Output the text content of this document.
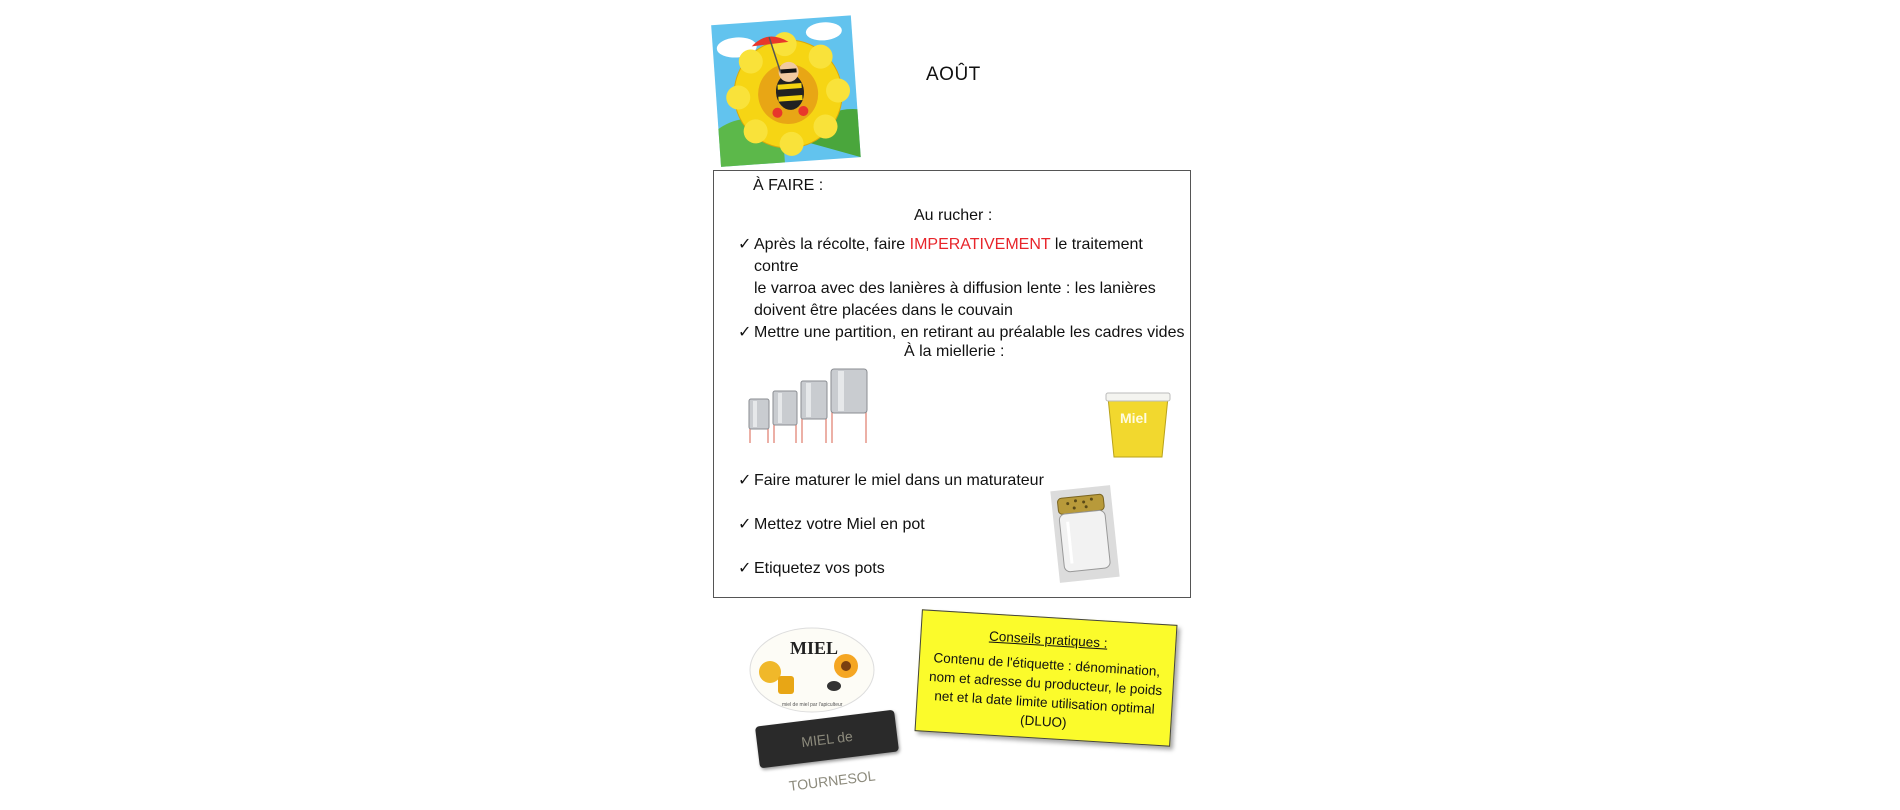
AOÛT
À FAIRE :
Au rucher :
✓ Après la récolte, faire IMPERATIVEMENT le traitement contre
le varroa avec des lanières à diffusion lente : les lanières
doivent être placées dans le couvain
✓ Mettre une partition, en retirant au préalable les cadres vides
À la miellerie :
Miel
✓ Faire maturer le miel dans un maturateur
✓ Mettez votre Miel en pot
✓ Etiquetez vos pots
MIEL
miel de miel par l'apiculteur
MIEL de TOURNESOL
Conseils pratiques :
Contenu de l'étiquette : dénomination, nom et adresse du producteur, le poids net et la date limite utilisation optimal (DLUO)
